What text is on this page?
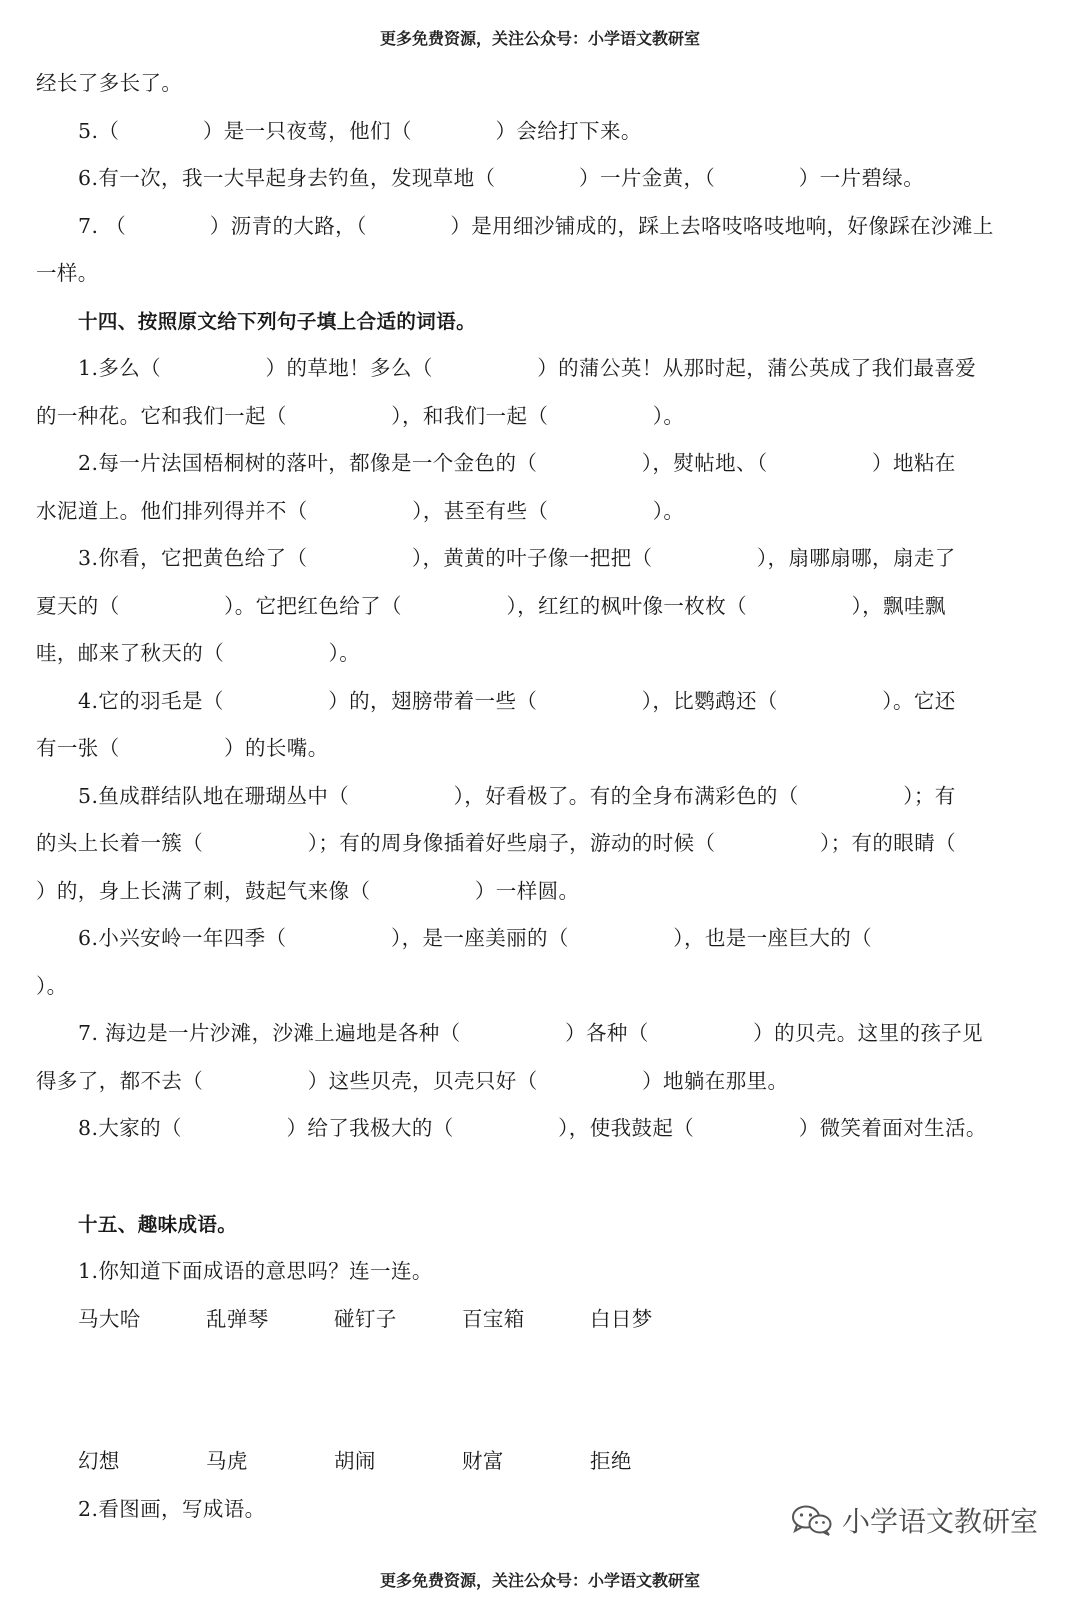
更多免费资源，关注公众号：小学语文教研室
经长了多长了。
5.（　　　　）是一只夜莺，他们（　　　　）会给打下来。
6.有一次，我一大早起身去钓鱼，发现草地（　　　　）一片金黄，（　　　　）一片碧绿。
7. （　　　　）沥青的大路，（　　　　）是用细沙铺成的，踩上去咯吱咯吱地响，好像踩在沙滩上
一样。
十四、按照原文给下列句子填上合适的词语。
1.多么（　　　　　）的草地！多么（　　　　　）的蒲公英！从那时起，蒲公英成了我们最喜爱
的一种花。它和我们一起（　　　　　），和我们一起（　　　　　）。
2.每一片法国梧桐树的落叶，都像是一个金色的（　　　　　），熨帖地、（　　　　　）地粘在
水泥道上。他们排列得并不（　　　　　），甚至有些（　　　　　）。
3.你看，它把黄色给了（　　　　　），黄黄的叶子像一把把（　　　　　），扇哪扇哪，扇走了
夏天的（　　　　　）。它把红色给了（　　　　　），红红的枫叶像一枚枚（　　　　　），飘哇飘
哇，邮来了秋天的（　　　　　）。
4.它的羽毛是（　　　　　）的，翅膀带着一些（　　　　　），比鹦鹉还（　　　　　）。它还
有一张（　　　　　）的长嘴。
5.鱼成群结队地在珊瑚丛中（　　　　　），好看极了。有的全身布满彩色的（　　　　　）；有
的头上长着一簇（　　　　　）；有的周身像插着好些扇子，游动的时候（　　　　　）；有的眼睛（
）的，身上长满了刺，鼓起气来像（　　　　　）一样圆。
6.小兴安岭一年四季（　　　　　），是一座美丽的（　　　　　），也是一座巨大的（
）。
7. 海边是一片沙滩，沙滩上遍地是各种（　　　　　）各种（　　　　　）的贝壳。这里的孩子见
得多了，都不去（　　　　　）这些贝壳，贝壳只好（　　　　　）地躺在那里。
8.大家的（　　　　　）给了我极大的（　　　　　），使我鼓起（　　　　　）微笑着面对生活。
十五、趣味成语。
1.你知道下面成语的意思吗？连一连。
马大哈	乱弹琴	碰钉子	百宝箱	白日梦
幻想	马虎	胡闹	财富	拒绝
2.看图画，写成语。	小学语文教研室
更多免费资源，关注公众号：小学语文教研室
